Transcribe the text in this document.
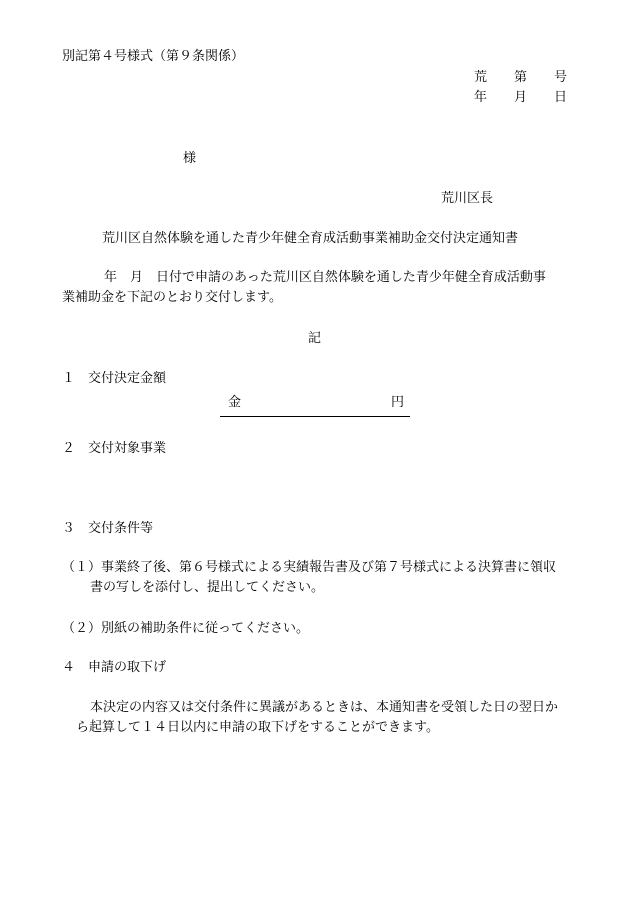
別記第４号様式（第９条関係）
荒 第 号
年 月 日
様
荒川区長
荒川区自然体験を通した青少年健全育成活動事業補助金交付決定通知書
年　月　日付で申請のあった荒川区自然体験を通した青少年健全育成活動事
業補助金を下記のとおり交付します。
記
１　交付決定金額
金	円
２　交付対象事業
３　交付条件等
（１）事業終了後、第６号様式による実績報告書及び第７号様式による決算書に領収
書の写しを添付し、提出してください。
（２）別紙の補助条件に従ってください。
４　申請の取下げ
本決定の内容又は交付条件に異議があるときは、本通知書を受領した日の翌日か
ら起算して１４日以内に申請の取下げをすることができます。
